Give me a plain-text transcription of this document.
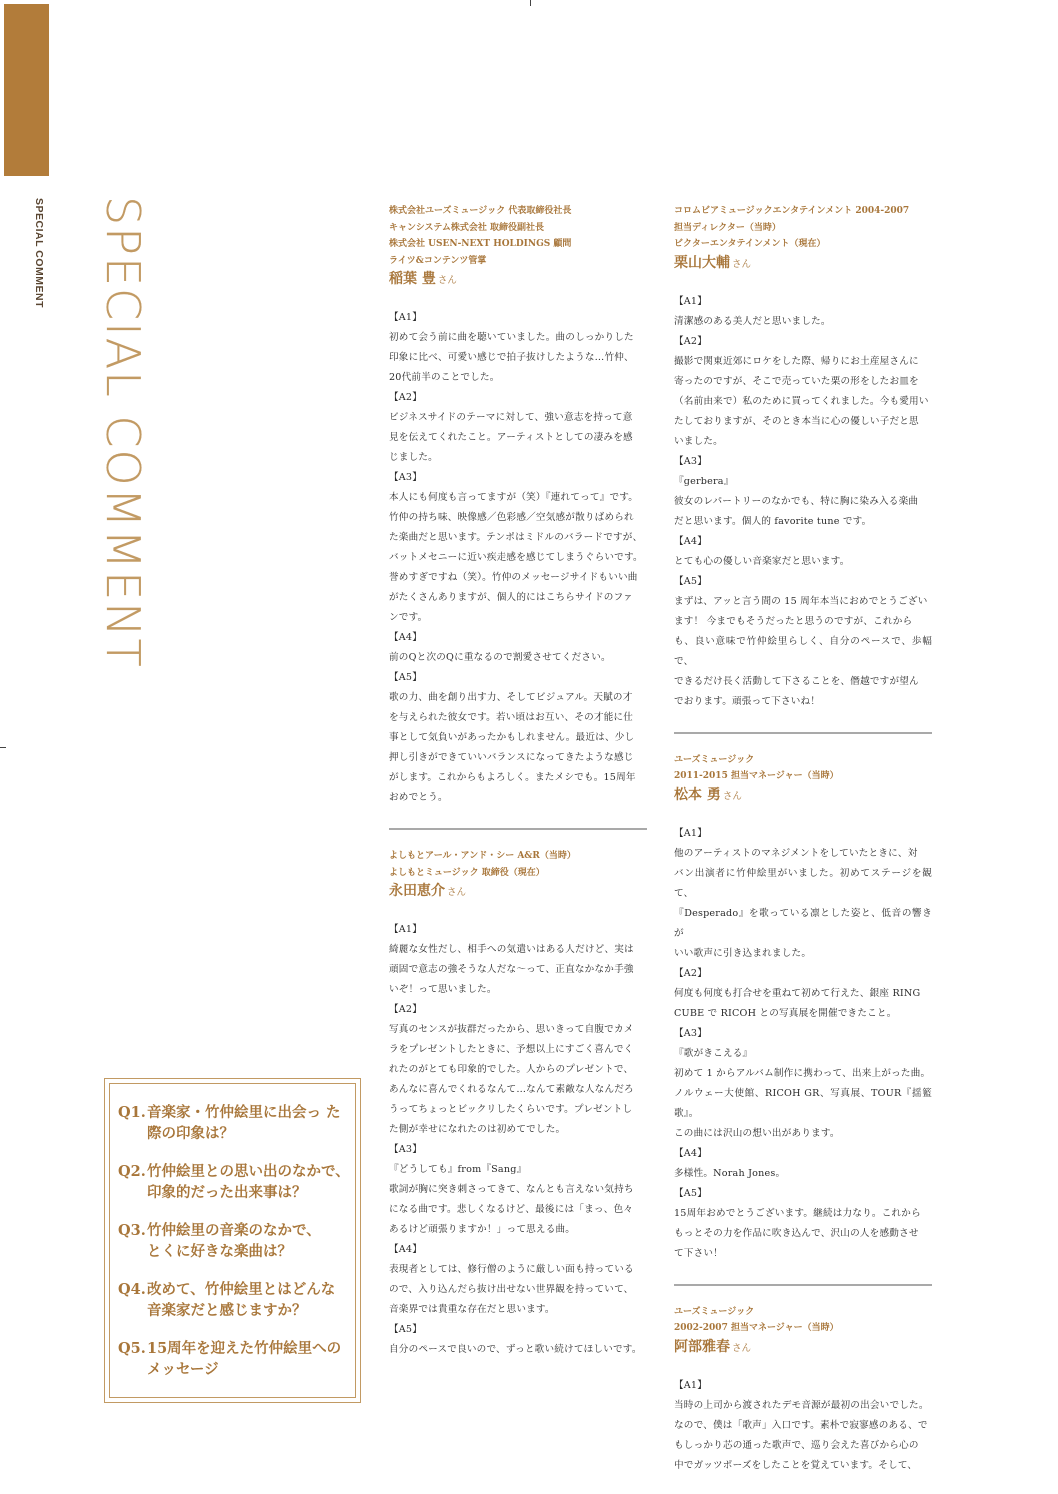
SPECIAL COMMENT SPECIAL COMMENT	株式会社ユーズミュージック 代表取締役社長
キャンシステム株式会社 取締役副社長
株式会社 USEN-NEXT HOLDINGS 顧問
ライツ&コンテンツ管掌
稲葉 豊 さん

【A1】

初めて会う前に曲を聴いていました。曲のしっかりした

印象に比べ、可愛い感じで拍子抜けしたような…竹仲、

20代前半のことでした。

【A2】

ビジネスサイドのテーマに対して、強い意志を持って意

見を伝えてくれたこと。アーティストとしての凄みを感

じました。

【A3】

本人にも何度も言ってますが（笑）『連れてって』です。

竹仲の持ち味、映像感／色彩感／空気感が散りばめられ

た楽曲だと思います。テンポはミドルのバラードですが、

バットメセニーに近い疾走感を感じてしまうぐらいです。

誉めすぎですね（笑）。竹仲のメッセージサイドもいい曲

がたくさんありますが、個人的にはこちらサイドのファ

ンです。

【A4】

前のQと次のQに重なるので割愛させてください。

【A5】

歌の力、曲を創り出す力、そしてビジュアル。天賦の才

を与えられた彼女です。若い頃はお互い、その才能に仕

事として気負いがあったかもしれません。最近は、少し

押し引きができていいバランスになってきたような感じ

がします。これからもよろしく。またメシでも。15周年

おめでとう。

よしもとアール・アンド・シー A&R（当時）
よしもとミュージック 取締役（現在）
永田恵介 さん

【A1】

綺麗な女性だし、相手への気遣いはある人だけど、実は

頑固で意志の強そうな人だな～って、正直なかなか手強

いぞ！って思いました。

【A2】

写真のセンスが抜群だったから、思いきって自腹でカメ

ラをプレゼントしたときに、予想以上にすごく喜んでく

れたのがとても印象的でした。人からのプレゼントで、

あんなに喜んでくれるなんて…なんて素敵な人なんだろ

うってちょっとビックリしたくらいです。プレゼントし

た側が幸せになれたのは初めてでした。

【A3】

『どうしても』from『Sang』

歌詞が胸に突き刺さってきて、なんとも言えない気持ち

になる曲です。悲しくなるけど、最後には「まっ、色々

あるけど頑張りますか！」って思える曲。

【A4】

表現者としては、修行僧のように厳しい面も持っている

ので、入り込んだら抜け出せない世界観を持っていて、

音楽界では貴重な存在だと思います。

【A5】

自分のペースで良いので、ずっと歌い続けてほしいです。

コロムビアミュージックエンタテインメント 2004-2007
担当ディレクター（当時）
ビクターエンタテインメント（現在）
栗山大輔 さん

【A1】

清潔感のある美人だと思いました。

【A2】

撮影で関東近郊にロケをした際、帰りにお土産屋さんに

寄ったのですが、そこで売っていた栗の形をしたお皿を

（名前由来で）私のために買ってくれました。今も愛用い

たしておりますが、そのとき本当に心の優しい子だと思

いました。

【A3】

『gerbera』

彼女のレパートリーのなかでも、特に胸に染み入る楽曲

だと思います。個人的 favorite tune です。

【A4】

とても心の優しい音楽家だと思います。

【A5】

まずは、アッと言う間の 15 周年本当におめでとうござい

ます！ 今までもそうだったと思うのですが、これから

も、良い意味で竹仲絵里らしく、自分のペースで、歩幅で、

できるだけ長く活動して下さることを、僭越ですが望ん

でおります。頑張って下さいね！

ユーズミュージック
2011-2015 担当マネージャー（当時）
松本 勇 さん

【A1】

他のアーティストのマネジメントをしていたときに、対

バン出演者に竹仲絵里がいました。初めてステージを観て、

『Desperado』を歌っている凛とした姿と、低音の響きが

いい歌声に引き込まれました。

【A2】

何度も何度も打合せを重ねて初めて行えた、銀座 RING

CUBE で RICOH との写真展を開催できたこと。

【A3】

『歌がきこえる』

初めて 1 からアルバム制作に携わって、出来上がった曲。

ノルウェー大使館、RICOH GR、写真展、TOUR『揺籃歌』。

この曲には沢山の想い出があります。

【A4】

多様性。Norah Jones。

【A5】

15周年おめでとうございます。継続は力なり。これから

もっとその力を作品に吹き込んで、沢山の人を感動させ

て下さい！

ユーズミュージック
2002-2007 担当マネージャー（当時）
阿部雅春 さん

【A1】

当時の上司から渡されたデモ音源が最初の出会いでした。

なので、僕は「歌声」入口です。素朴で寂寥感のある、で

もしっかり芯の通った歌声で、巡り会えた喜びから心の

中でガッツポーズをしたことを覚えています。そして、

Q1. 音楽家・竹仲絵里に出会っ た
際の印象は？
Q2. 竹仲絵里との思い出のなかで、
印象的だった出来事は？
Q3. 竹仲絵里の音楽のなかで、
とくに好きな楽曲は？
Q4. 改めて、竹仲絵里とはどんな
音楽家だと感じますか？
Q5. 15周年を迎えた竹仲絵里への
メッセージ
